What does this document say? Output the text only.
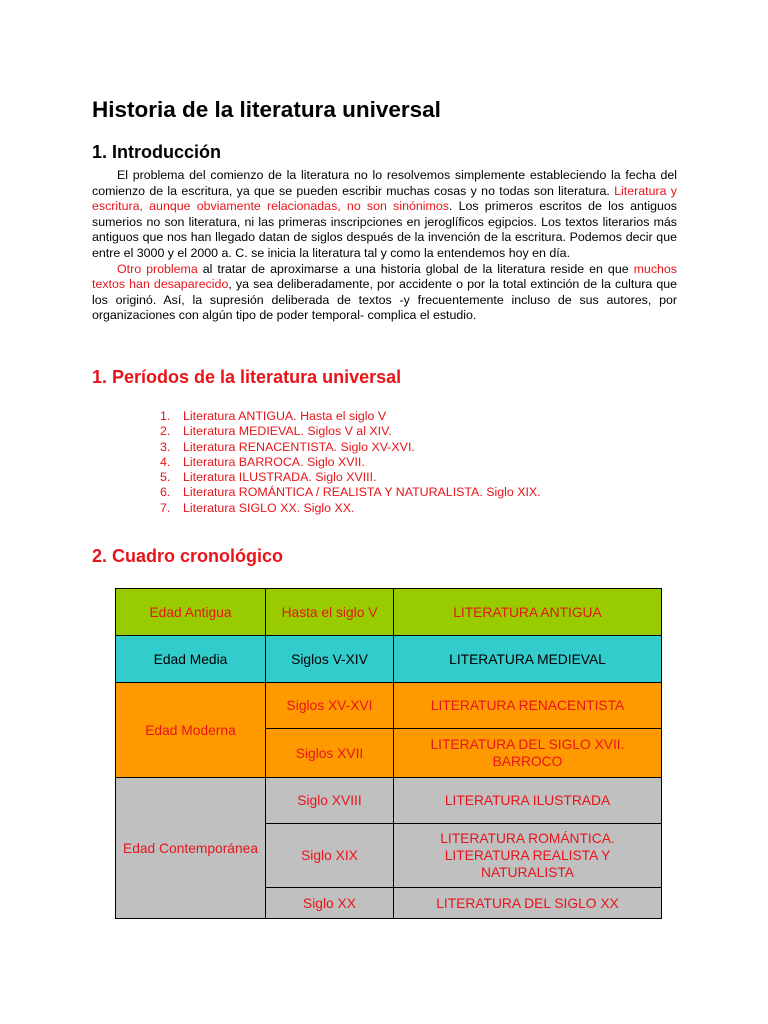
Historia de la literatura universal
1. Introducción

El problema del comienzo de la literatura no lo resolvemos simplemente estableciendo la fecha del comienzo de la escritura, ya que se pueden escribir muchas cosas y no todas son literatura. Literatura y escritura, aunque obviamente relacionadas, no son sinónimos. Los primeros escritos de los antiguos sumerios no son literatura, ni las primeras inscripciones en jeroglíficos egipcios. Los textos literarios más antiguos que nos han llegado datan de siglos después de la invención de la escritura. Podemos decir que entre el 3000 y el 2000 a. C. se inicia la literatura tal y como la entendemos hoy en día.

Otro problema al tratar de aproximarse a una historia global de la literatura reside en que muchos textos han desaparecido, ya sea deliberadamente, por accidente o por la total extinción de la cultura que los originó. Así, la supresión deliberada de textos -y frecuentemente incluso de sus autores, por organizaciones con algún tipo de poder temporal- complica el estudio.

1. Períodos de la literatura universal
1. Literatura ANTIGUA. Hasta el siglo V
2. Literatura MEDIEVAL. Siglos V al XIV.
3. Literatura RENACENTISTA. Siglo XV-XVI.
4. Literatura BARROCA. Siglo XVII.
5. Literatura ILUSTRADA. Siglo XVIII.
6. Literatura ROMÁNTICA / REALISTA Y NATURALISTA. Siglo XIX.
7. Literatura SIGLO XX. Siglo XX.
2. Cuadro cronológico
Edad Antigua	Hasta el siglo V	LITERATURA ANTIGUA
Edad Media	Siglos V-XIV	LITERATURA MEDIEVAL
Edad Moderna	Siglos XV-XVI	LITERATURA RENACENTISTA
	Siglos XVII	LITERATURA DEL SIGLO XVII. BARROCO
Edad Contemporánea	Siglo XVIII	LITERATURA ILUSTRADA
	Siglo XIX	LITERATURA ROMÁNTICA. LITERATURA REALISTA Y NATURALISTA
	Siglo XX	LITERATURA DEL SIGLO XX
